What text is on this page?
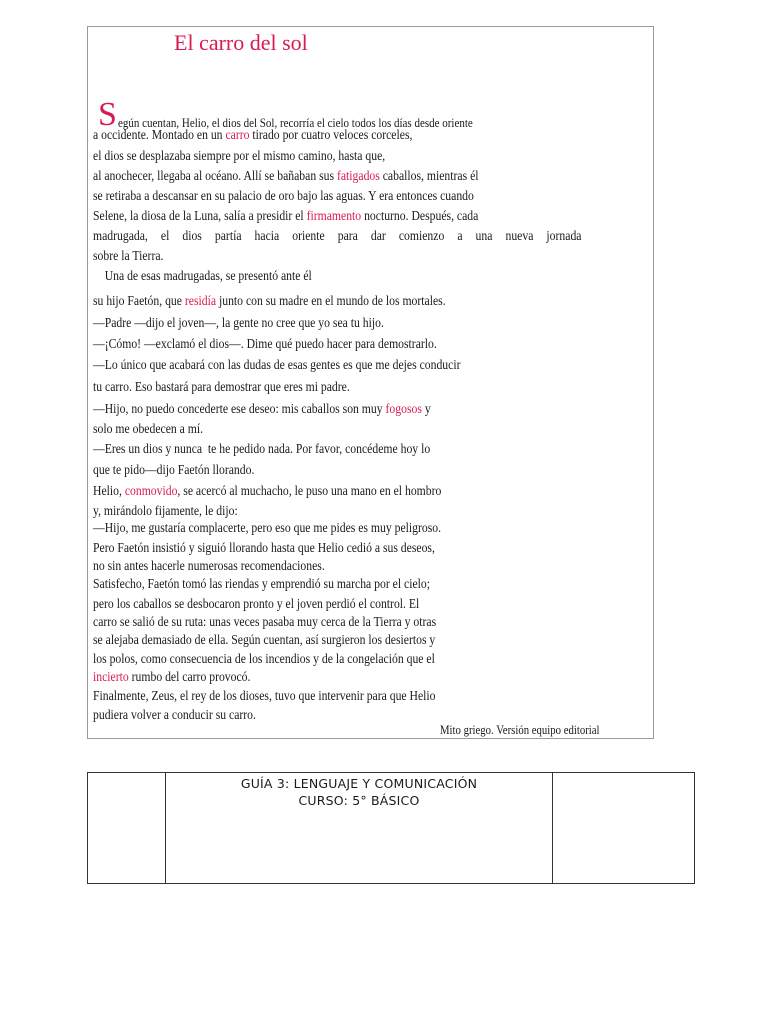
El carro del sol
S egún cuentan, Helio, el dios del Sol, recorría el cielo todos los días desde oriente
a occidente. Montado en un carro tirado por cuatro veloces corceles,
el dios se desplazaba siempre por el mismo camino, hasta que,
al anochecer, llegaba al océano. Allí se bañaban sus fatigados caballos, mientras él
se retiraba a descansar en su palacio de oro bajo las aguas. Y era entonces cuando
Selene, la diosa de la Luna, salía a presidir el firmamento nocturno. Después, cada
madrugada, el dios partía hacia oriente para dar comienzo a una nueva jornada
sobre la Tierra.
Una de esas madrugadas, se presentó ante él
su hijo Faetón, que residía junto con su madre en el mundo de los mortales.
—Padre —dijo el joven—, la gente no cree que yo sea tu hijo.
—¡Cómo! —exclamó el dios—. Dime qué puedo hacer para demostrarlo.
—Lo único que acabará con las dudas de esas gentes es que me dejes conducir
tu carro. Eso bastará para demostrar que eres mi padre.
—Hijo, no puedo concederte ese deseo: mis caballos son muy fogosos y
solo me obedecen a mí.
—Eres un dios y nunca  te he pedido nada. Por favor, concédeme hoy lo
que te pido—dijo Faetón llorando.
Helio, conmovido, se acercó al muchacho, le puso una mano en el hombro
y, mirándolo fijamente, le dijo:
—Hijo, me gustaría complacerte, pero eso que me pides es muy peligroso.
Pero Faetón insistió y siguió llorando hasta que Helio cedió a sus deseos,
no sin antes hacerle numerosas recomendaciones.
Satisfecho, Faetón tomó las riendas y emprendió su marcha por el cielo;
pero los caballos se desbocaron pronto y el joven perdió el control. El
carro se salió de su ruta: unas veces pasaba muy cerca de la Tierra y otras
se alejaba demasiado de ella. Según cuentan, así surgieron los desiertos y
los polos, como consecuencia de los incendios y de la congelación que el
incierto rumbo del carro provocó.
Finalmente, Zeus, el rey de los dioses, tuvo que intervenir para que Helio
pudiera volver a conducir su carro.
Mito griego. Versión equipo editorial

GUÍA 3: LENGUAJE Y COMUNICACIÓN
CURSO: 5° BÁSICO
